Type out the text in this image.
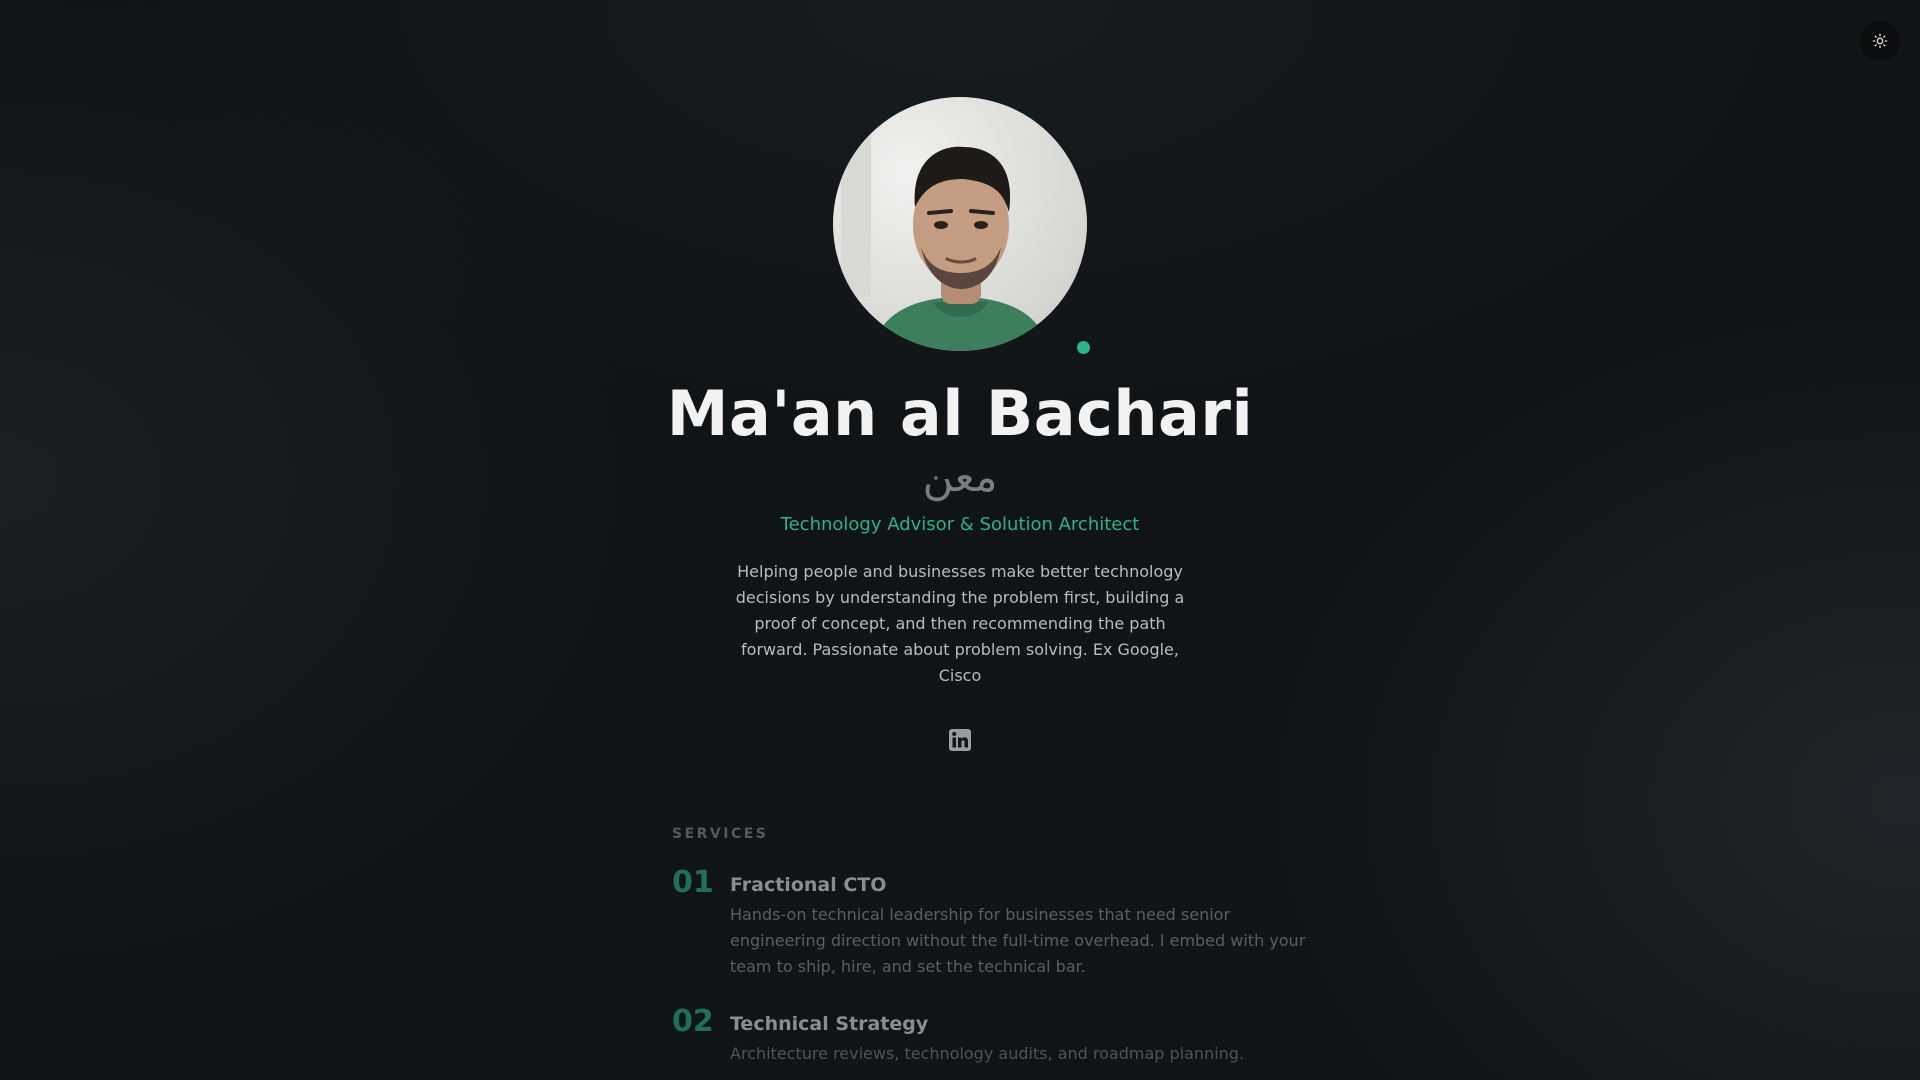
Ma'an al Bachari
معن
Technology Advisor & Solution Architect
Helping people and businesses make better technology decisions by understanding the problem first, building a proof of concept, and then recommending the path forward. Passionate about problem solving. Ex Google, Cisco
SERVICES
01 Fractional CTO
Hands-on technical leadership for businesses that need senior engineering direction without the full-time overhead. I embed with your team to ship, hire, and set the technical bar.
02 Technical Strategy
Architecture reviews, technology audits, and roadmap planning.
